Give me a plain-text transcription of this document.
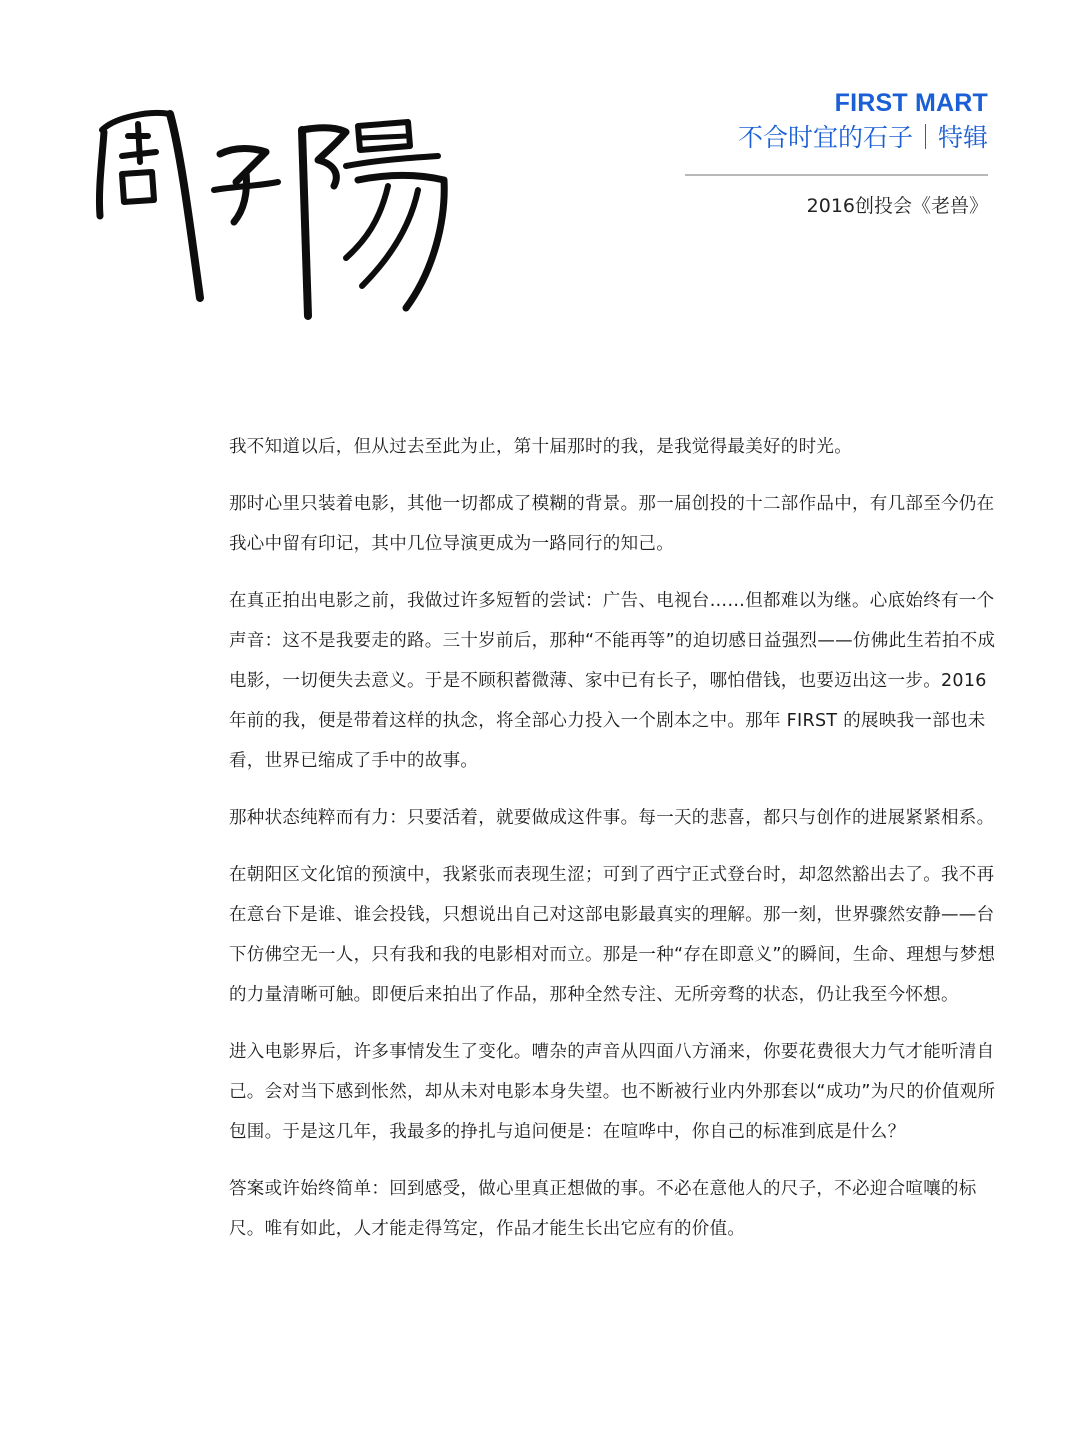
FIRST MART
不合时宜的石子｜特辑
2016创投会《老兽》

我不知道以后，但从过去至此为止，第十届那时的我，是我觉得最美好的时光。

那时心里只装着电影，其他一切都成了模糊的背景。那一届创投的十二部作品中，有几部至今仍在我心中留有印记，其中几位导演更成为一路同行的知己。

在真正拍出电影之前，我做过许多短暂的尝试：广告、电视台……但都难以为继。心底始终有一个声音：这不是我要走的路。三十岁前后，那种“不能再等”的迫切感日益强烈——仿佛此生若拍不成电影，一切便失去意义。于是不顾积蓄微薄、家中已有长子，哪怕借钱，也要迈出这一步。2016 年前的我，便是带着这样的执念，将全部心力投入一个剧本之中。那年 FIRST 的展映我一部也未看，世界已缩成了手中的故事。

那种状态纯粹而有力：只要活着，就要做成这件事。每一天的悲喜，都只与创作的进展紧紧相系。

在朝阳区文化馆的预演中，我紧张而表现生涩；可到了西宁正式登台时，却忽然豁出去了。我不再在意台下是谁、谁会投钱，只想说出自己对这部电影最真实的理解。那一刻，世界骤然安静——台下仿佛空无一人，只有我和我的电影相对而立。那是一种“存在即意义”的瞬间，生命、理想与梦想的力量清晰可触。即便后来拍出了作品，那种全然专注、无所旁骛的状态，仍让我至今怀想。

进入电影界后，许多事情发生了变化。嘈杂的声音从四面八方涌来，你要花费很大力气才能听清自己。会对当下感到怅然，却从未对电影本身失望。也不断被行业内外那套以“成功”为尺的价值观所包围。于是这几年，我最多的挣扎与追问便是：在喧哗中，你自己的标准到底是什么？

答案或许始终简单：回到感受，做心里真正想做的事。不必在意他人的尺子，不必迎合喧嚷的标尺。唯有如此，人才能走得笃定，作品才能生长出它应有的价值。
